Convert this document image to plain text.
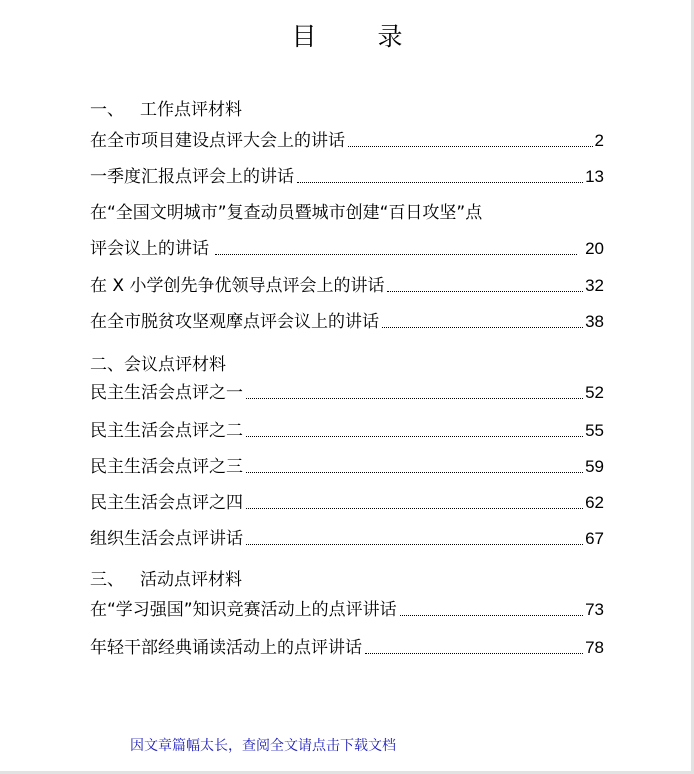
目　录
一、 工作点评材料
在全市项目建设点评大会上的讲话	2
一季度汇报点评会上的讲话	13
在“全国文明城市”复查动员暨城市创建“百日攻坚”点
评会议上的讲话	20
在 X 小学创先争优领导点评会上的讲话	32
在全市脱贫攻坚观摩点评会议上的讲话	38
二、会议点评材料
民主生活会点评之一	52
民主生活会点评之二	55
民主生活会点评之三	59
民主生活会点评之四	62
组织生活会点评讲话	67
三、 活动点评材料
在“学习强国”知识竞赛活动上的点评讲话	73
年轻干部经典诵读活动上的点评讲话	78
因文章篇幅太长，查阅全文请点击下载文档
